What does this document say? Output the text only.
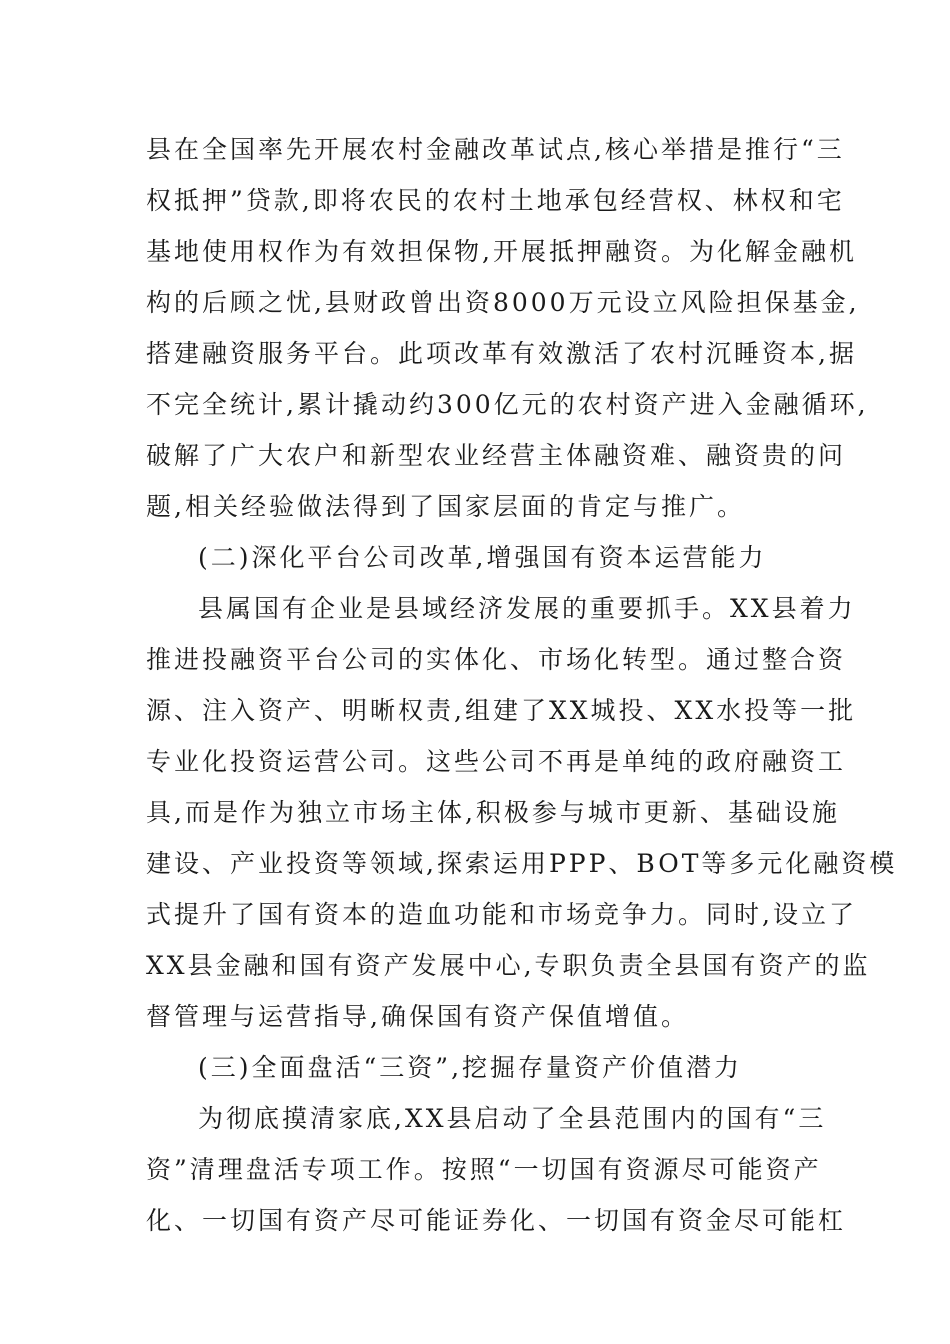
县在全国率先开展农村金融改革试点,核心举措是推行“三
权抵押”贷款,即将农民的农村土地承包经营权、林权和宅
基地使用权作为有效担保物,开展抵押融资。为化解金融机
构的后顾之忧,县财政曾出资8000万元设立风险担保基金,
搭建融资服务平台。此项改革有效激活了农村沉睡资本,据
不完全统计,累计撬动约300亿元的农村资产进入金融循环,
破解了广大农户和新型农业经营主体融资难、融资贵的问
题,相关经验做法得到了国家层面的肯定与推广。
(二)深化平台公司改革,增强国有资本运营能力
县属国有企业是县域经济发展的重要抓手。XX县着力
推进投融资平台公司的实体化、市场化转型。通过整合资
源、注入资产、明晰权责,组建了XX城投、XX水投等一批
专业化投资运营公司。这些公司不再是单纯的政府融资工
具,而是作为独立市场主体,积极参与城市更新、基础设施
建设、产业投资等领域,探索运用PPP、BOT等多元化融资模
式提升了国有资本的造血功能和市场竞争力。同时,设立了
XX县金融和国有资产发展中心,专职负责全县国有资产的监
督管理与运营指导,确保国有资产保值增值。
(三)全面盘活“三资”,挖掘存量资产价值潜力
为彻底摸清家底,XX县启动了全县范围内的国有“三
资”清理盘活专项工作。按照“一切国有资源尽可能资产
化、一切国有资产尽可能证券化、一切国有资金尽可能杠
